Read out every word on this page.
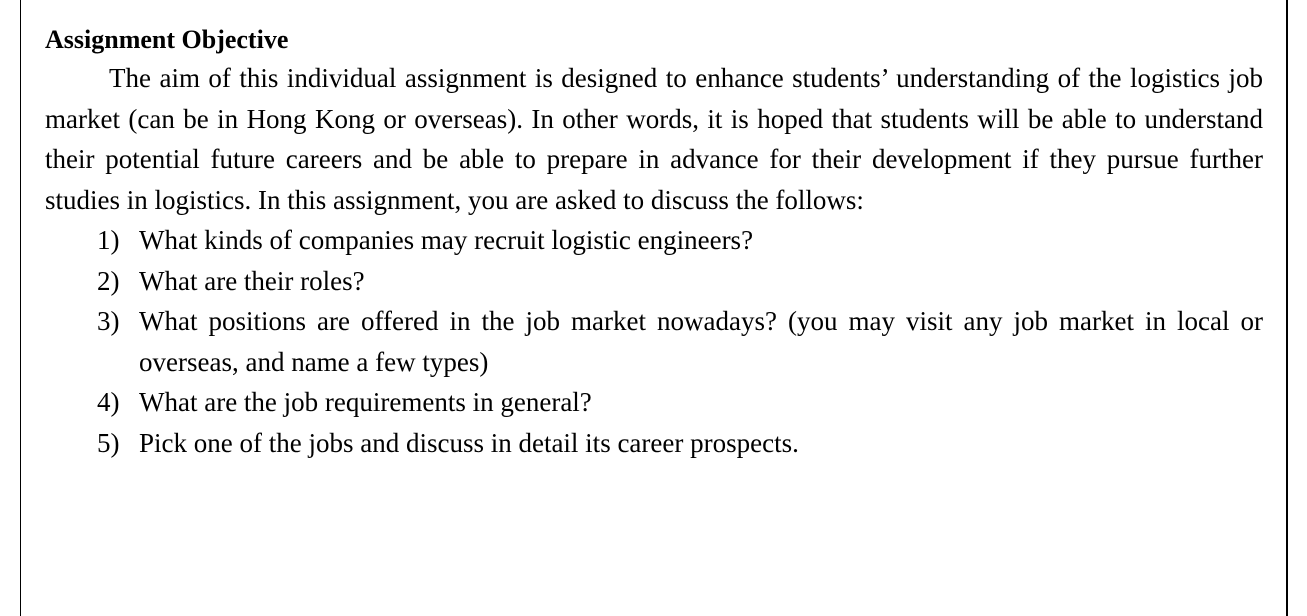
Assignment Objective

The aim of this individual assignment is designed to enhance students’ understanding of the logistics job market (can be in Hong Kong or overseas). In other words, it is hoped that students will be able to understand their potential future careers and be able to prepare in advance for their development if they pursue further studies in logistics. In this assignment, you are asked to discuss the follows:

1) What kinds of companies may recruit logistic engineers?
2) What are their roles?
3) What positions are offered in the job market nowadays? (you may visit any job market in local or overseas, and name a few types)
4) What are the job requirements in general?
5) Pick one of the jobs and discuss in detail its career prospects.
